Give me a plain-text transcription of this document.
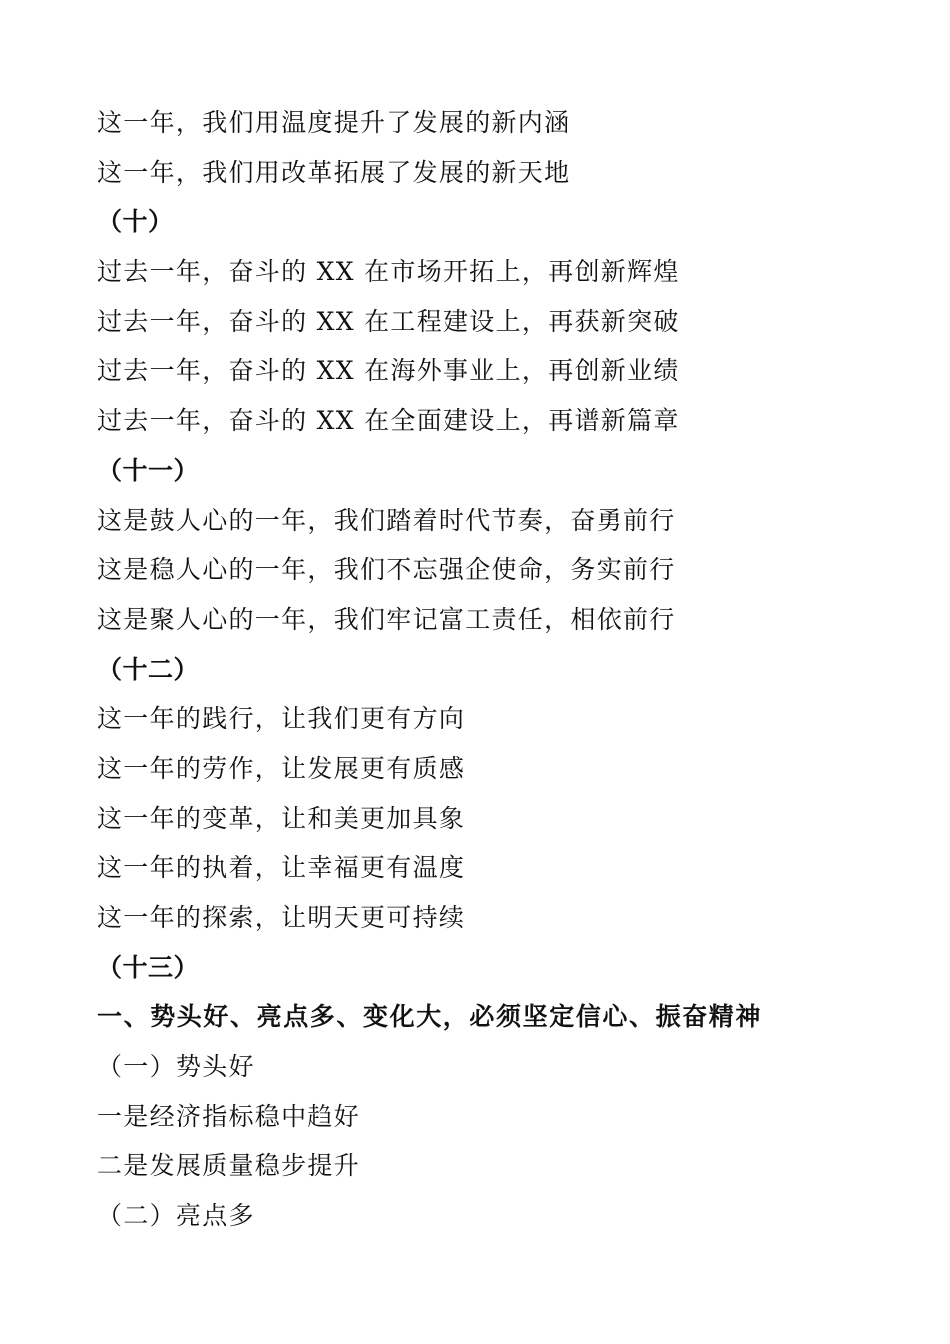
这一年，我们用温度提升了发展的新内涵
这一年，我们用改革拓展了发展的新天地
（十）
过去一年，奋斗的 XX 在市场开拓上，再创新辉煌
过去一年，奋斗的 XX 在工程建设上，再获新突破
过去一年，奋斗的 XX 在海外事业上，再创新业绩
过去一年，奋斗的 XX 在全面建设上，再谱新篇章
（十一）
这是鼓人心的一年，我们踏着时代节奏，奋勇前行
这是稳人心的一年，我们不忘强企使命，务实前行
这是聚人心的一年，我们牢记富工责任，相依前行
（十二）
这一年的践行，让我们更有方向
这一年的劳作，让发展更有质感
这一年的变革，让和美更加具象
这一年的执着，让幸福更有温度
这一年的探索，让明天更可持续
（十三）
一、势头好、亮点多、变化大，必须坚定信心、振奋精神
（一）势头好
一是经济指标稳中趋好
二是发展质量稳步提升
（二）亮点多
